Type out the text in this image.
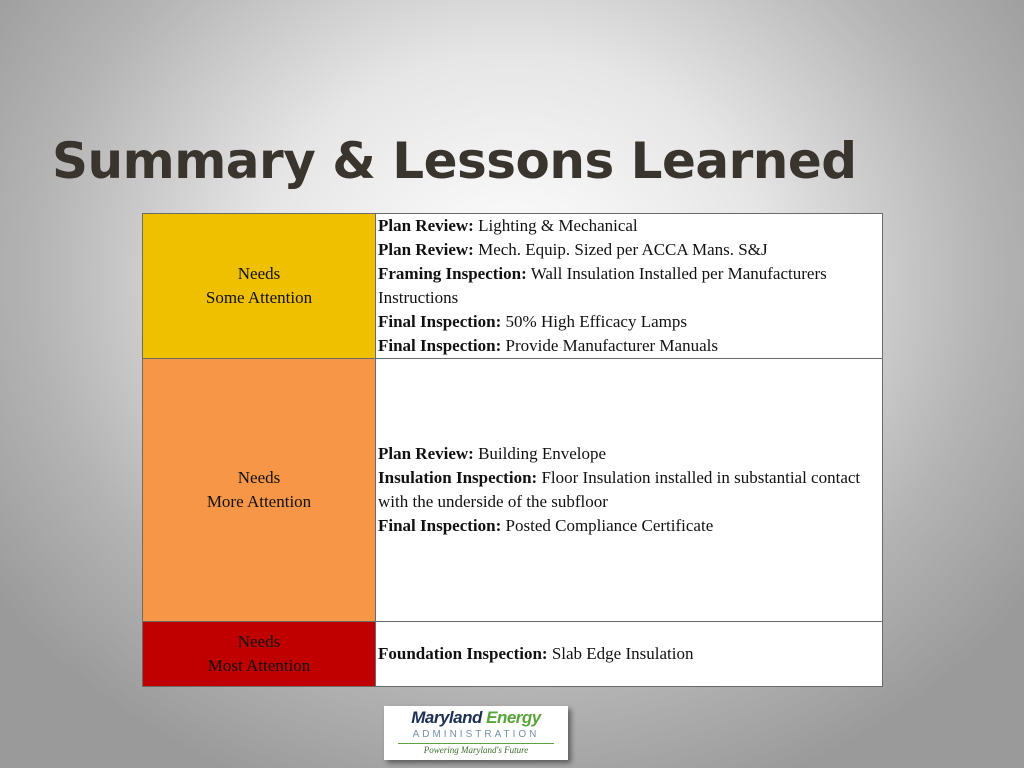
Summary & Lessons Learned
Needs
Some Attention	Plan Review: Lighting & Mechanical
Plan Review: Mech. Equip. Sized per ACCA Mans. S&J
Framing Inspection: Wall Insulation Installed per Manufacturers Instructions
Final Inspection: 50% High Efficacy Lamps
Final Inspection: Provide Manufacturer Manuals

Needs
More Attention	Plan Review: Building Envelope
Insulation Inspection: Floor Insulation installed in substantial contact with the underside of the subfloor
Final Inspection: Posted Compliance Certificate

Needs
Most Attention	Foundation Inspection: Slab Edge Insulation
Maryland Energy
ADMINISTRATION
Powering Maryland's Future
